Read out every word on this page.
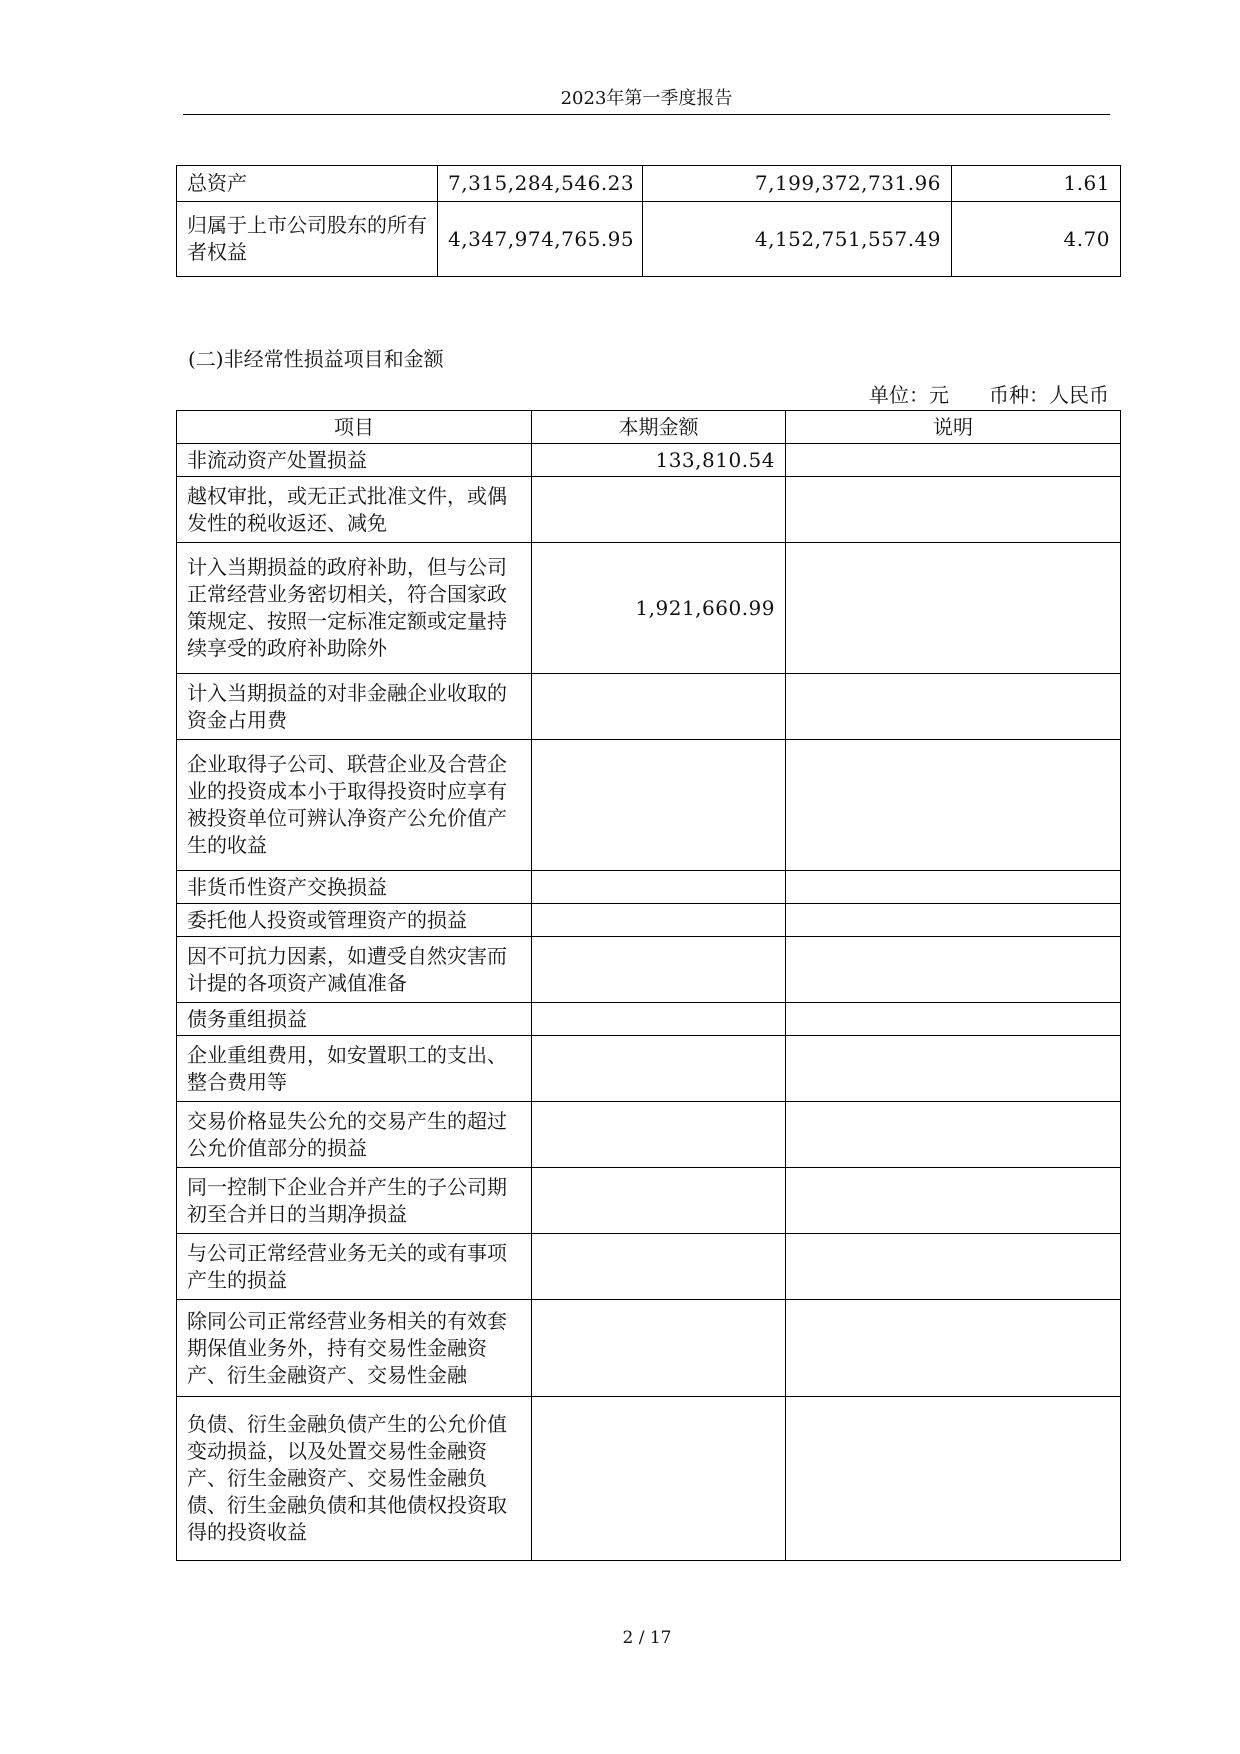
2023年第一季度报告
总资产	7,315,284,546.23	7,199,372,731.96	1.61
归属于上市公司股东的所有者权益	4,347,974,765.95	4,152,751,557.49	4.70
(二)非经常性损益项目和金额
单位：元　　 币种：人民币
项目	本期金额	说明
非流动资产处置损益	133,810.54	
越权审批，或无正式批准文件，或偶发性的税收返还、减免		
计入当期损益的政府补助，但与公司正常经营业务密切相关，符合国家政策规定、按照一定标准定额或定量持续享受的政府补助除外	1,921,660.99	
计入当期损益的对非金融企业收取的资金占用费		
企业取得子公司、联营企业及合营企业的投资成本小于取得投资时应享有被投资单位可辨认净资产公允价值产生的收益		
非货币性资产交换损益		
委托他人投资或管理资产的损益		
因不可抗力因素，如遭受自然灾害而计提的各项资产减值准备		
债务重组损益		
企业重组费用，如安置职工的支出、整合费用等		
交易价格显失公允的交易产生的超过公允价值部分的损益		
同一控制下企业合并产生的子公司期初至合并日的当期净损益		
与公司正常经营业务无关的或有事项产生的损益		
除同公司正常经营业务相关的有效套期保值业务外，持有交易性金融资产、衍生金融资产、交易性金融		
负债、衍生金融负债产生的公允价值变动损益，以及处置交易性金融资产、衍生金融资产、交易性金融负债、衍生金融负债和其他债权投资取得的投资收益		
2 / 17
